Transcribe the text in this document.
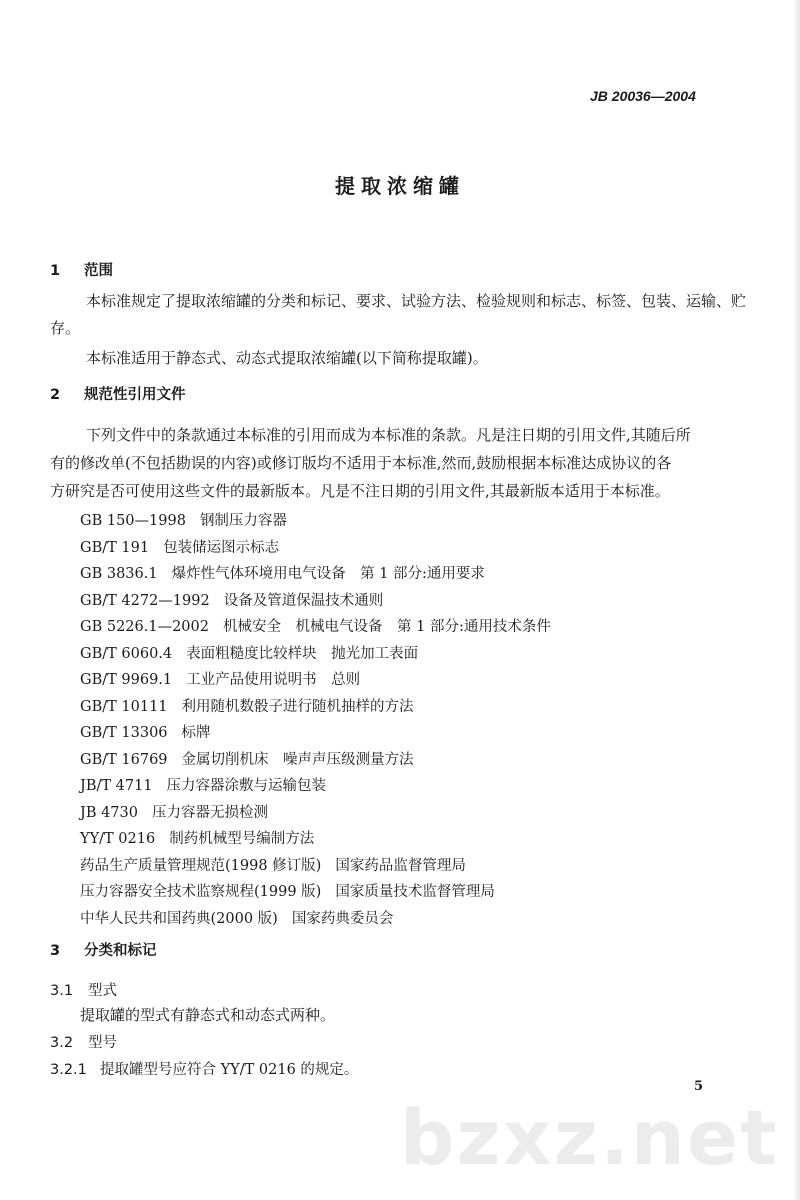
JB 20036—2004
提取浓缩罐
1 范围
本标准规定了提取浓缩罐的分类和标记、要求、试验方法、检验规则和标志、标签、包装、运输、贮
存。
本标准适用于静态式、动态式提取浓缩罐(以下简称提取罐)。
2 规范性引用文件
下列文件中的条款通过本标准的引用而成为本标准的条款。凡是注日期的引用文件,其随后所
有的修改单(不包括勘误的内容)或修订版均不适用于本标准,然而,鼓励根据本标准达成协议的各
方研究是否可使用这些文件的最新版本。凡是不注日期的引用文件,其最新版本适用于本标准。
GB 150—1998 钢制压力容器
GB/T 191 包装储运图示标志
GB 3836.1 爆炸性气体环境用电气设备　第 1 部分:通用要求
GB/T 4272—1992 设备及管道保温技术通则
GB 5226.1—2002 机械安全　机械电气设备　第 1 部分:通用技术条件
GB/T 6060.4 表面粗糙度比较样块　抛光加工表面
GB/T 9969.1 工业产品使用说明书　总则
GB/T 10111 利用随机数骰子进行随机抽样的方法
GB/T 13306 标牌
GB/T 16769 金属切削机床　噪声声压级测量方法
JB/T 4711 压力容器涂敷与运输包装
JB 4730 压力容器无损检测
YY/T 0216 制药机械型号编制方法
药品生产质量管理规范(1998 修订版) 国家药品监督管理局
压力容器安全技术监察规程(1999 版) 国家质量技术监督管理局
中华人民共和国药典(2000 版) 国家药典委员会
3 分类和标记
3.1 型式
提取罐的型式有静态式和动态式两种。
3.2 型号
3.2.1 提取罐型号应符合 YY/T 0216 的规定。
5
bzxz.net
